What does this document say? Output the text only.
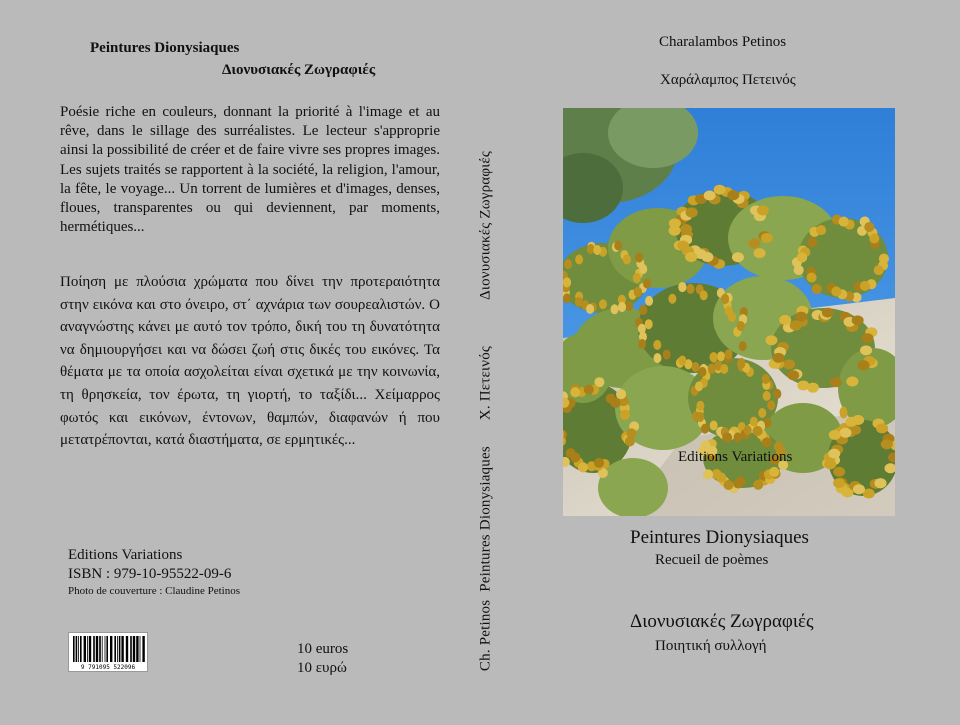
Peintures Dionysiaques
Διονυσιακές Ζωγραφιές
Poésie riche en couleurs, donnant la priorité à l'image et au rêve, dans le sillage des surréalistes. Le lecteur s'approprie ainsi la possibilité de créer et de faire vivre ses propres images. Les sujets traités se rapportent à la société, la religion, l'amour, la fête, le voyage... Un torrent de lumières et d'images, denses, floues, transparentes ou qui deviennent, par moments, hermétiques...
Ποίηση με πλούσια χρώματα που δίνει την προτεραιότητα στην εικόνα και στο όνειρο, στ΄ αχνάρια των σουρεαλιστών. Ο αναγνώστης κάνει με αυτό τον τρόπο, δική του τη δυνατότητα να δημιουργήσει και να δώσει ζωή στις δικές του εικόνες. Τα θέματα με τα οποία ασχολείται είναι σχετικά με την κοινωνία, τη θρησκεία, τον έρωτα, τη γιορτή, το ταξίδι... Χείμαρρος φωτός και εικόνων, έντονων, θαμπών, διαφανών ή που μετατρέπονται, κατά διαστήματα, σε ερμητικές...
Editions Variations
ISBN : 979-10-95522-09-6
Photo de couverture : Claudine Petinos
9 791095 522096
10 euros
10 ευρώ	Ch. Petinos  Peintures Dionysiaques Χ. Πετεινός Διονυσιακές Ζωγραφιές
Charalambos Petinos
Χαράλαμπος Πετεινός
Editions Variations
Peintures Dionysiaques
Recueil de poèmes
Διονυσιακές Ζωγραφιές
Ποιητική συλλογή
